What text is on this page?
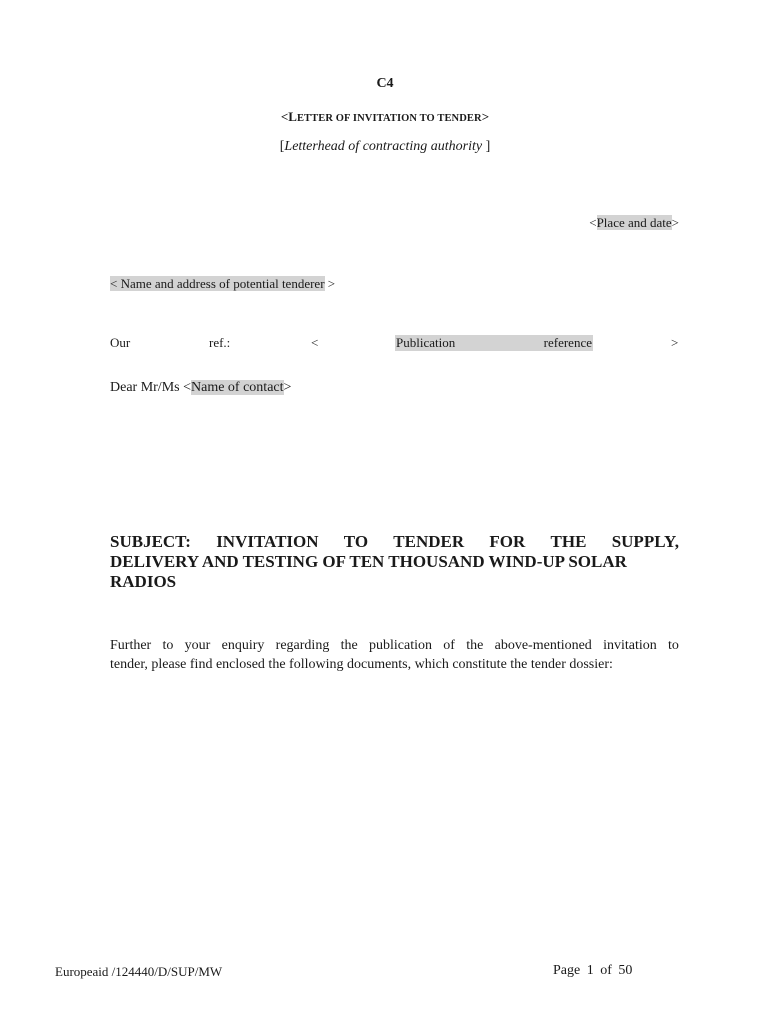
C4
<LETTER OF INVITATION TO TENDER>
[Letterhead of contracting authority ]
<Place and date>
< Name and address of potential tenderer >
Our	ref.:	<	Publication	reference	>
Dear Mr/Ms <Name of contact>
SUBJECT: INVITATION TO TENDER FOR THE SUPPLY,
DELIVERY AND TESTING OF TEN THOUSAND WIND-UP SOLAR
RADIOS
Further to your enquiry regarding the publication of the above-mentioned invitation to
tender, please find enclosed the following documents, which constitute the tender dossier:
Europeaid /124440/D/SUP/MW	Page 1 of 50
